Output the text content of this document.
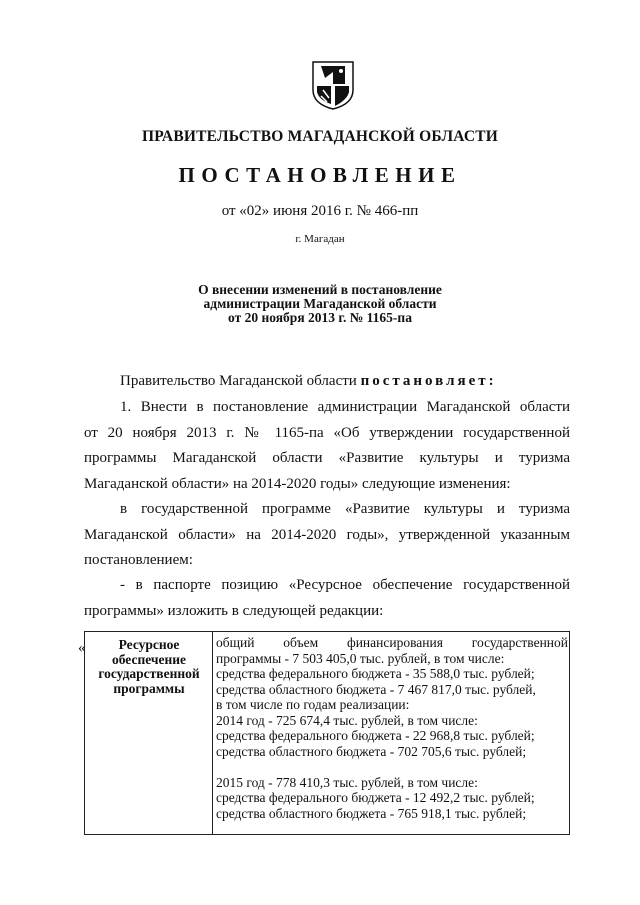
ПРАВИТЕЛЬСТВО МАГАДАНСКОЙ ОБЛАСТИ
ПОСТАНОВЛЕНИЕ
от «02» июня 2016 г. № 466-пп
г. Магадан
О внесении изменений в постановление
администрации Магаданской области
от 20 ноября 2013 г. № 1165-па
Правительство Магаданской области постановляет:
1. Внести в постановление администрации Магаданской области
от 20 ноября 2013 г. № 1165-па «Об утверждении государственной
программы Магаданской области «Развитие культуры и туризма
Магаданской области» на 2014-2020 годы» следующие изменения:
в государственной программе «Развитие культуры и туризма
Магаданской области» на 2014-2020 годы», утвержденной указанным
постановлением:
- в паспорте позицию «Ресурсное обеспечение государственной
программы» изложить в следующей редакции:
«	Ресурсное
обеспечение
государственной
программы
общий объем финансирования государственной
программы - 7 503 405,0 тыс. рублей, в том числе:
средства федерального бюджета - 35 588,0 тыс. рублей;
средства областного бюджета - 7 467 817,0 тыс. рублей,
в том числе по годам реализации:
2014 год - 725 674,4 тыс. рублей, в том числе:
средства федерального бюджета - 22 968,8 тыс. рублей;
средства областного бюджета - 702 705,6 тыс. рублей;
2015 год - 778 410,3 тыс. рублей, в том числе:
средства федерального бюджета - 12 492,2 тыс. рублей;
средства областного бюджета - 765 918,1 тыс. рублей;
